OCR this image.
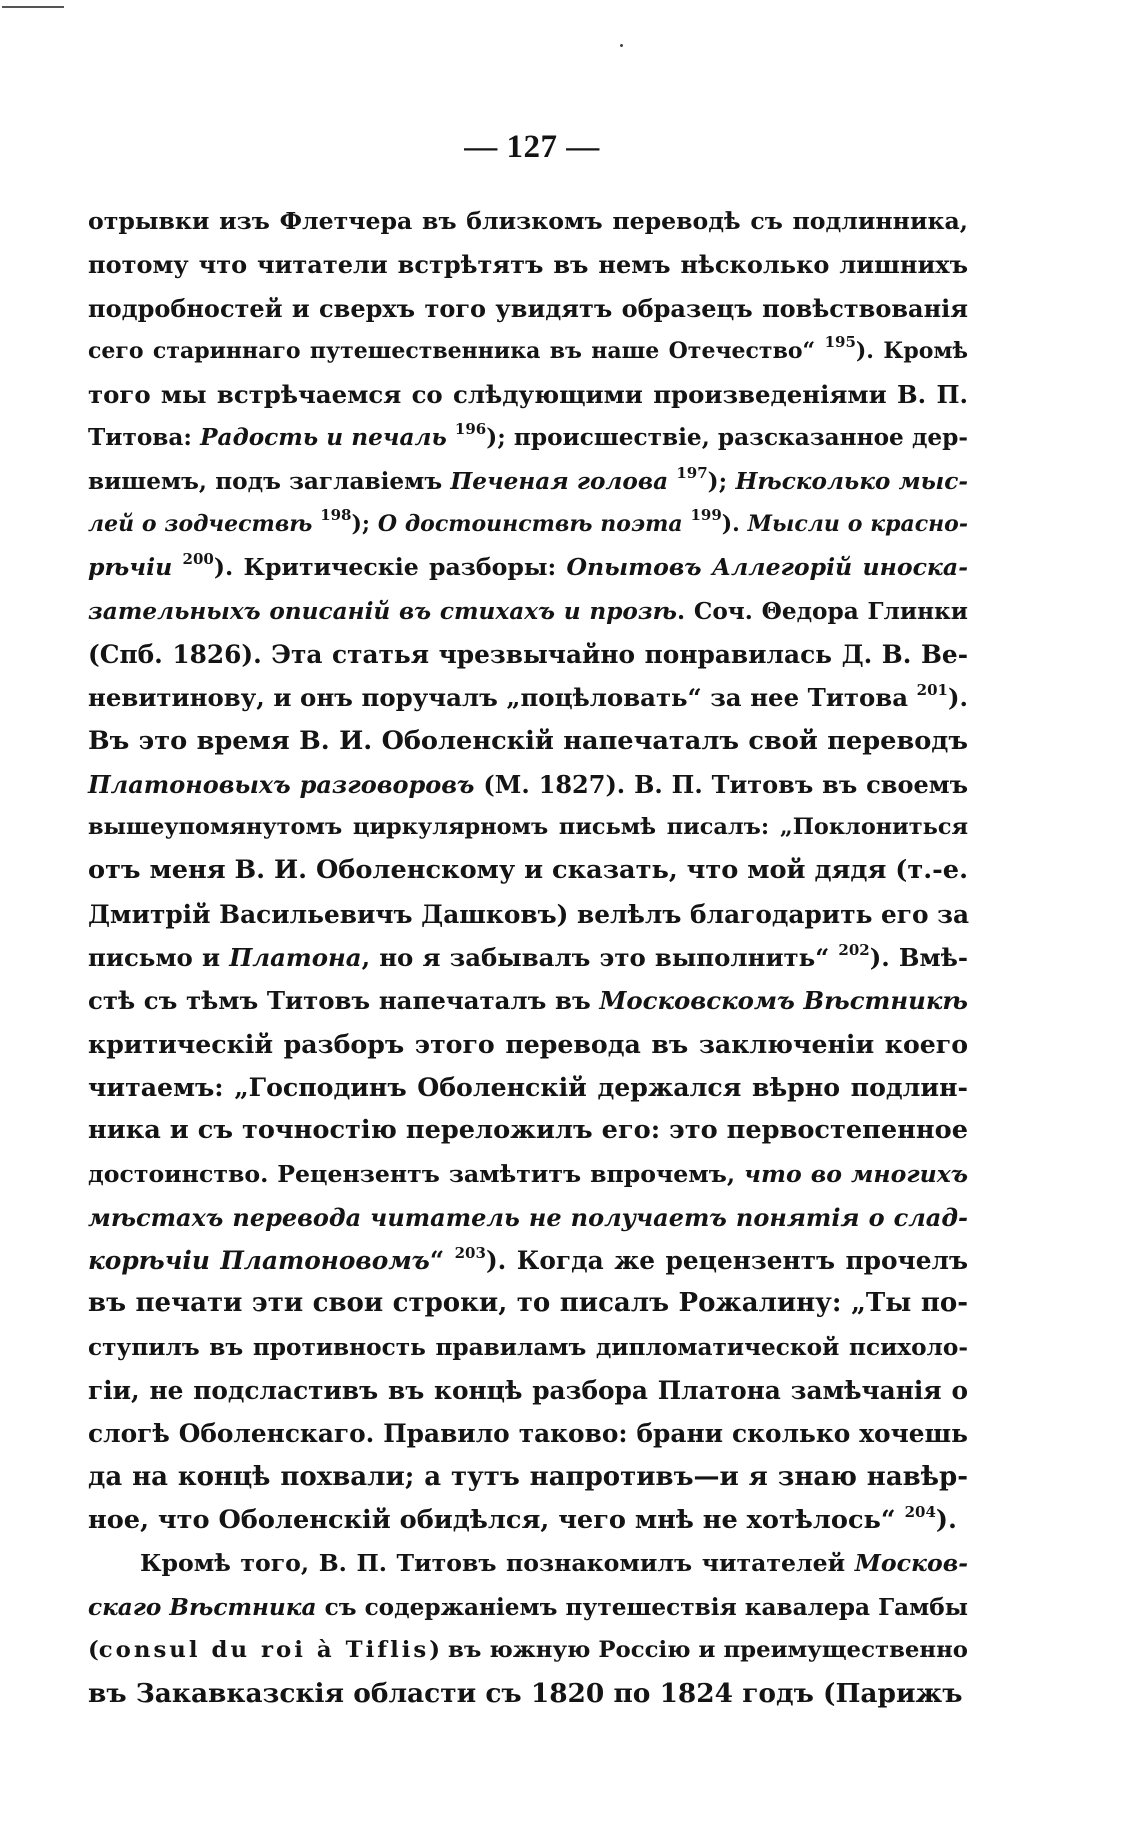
— 127 —
отрывки изъ Флетчера въ близкомъ переводѣ съ подлинника,
потому что читатели встрѣтятъ въ немъ нѣсколько лишнихъ
подробностей и сверхъ того увидятъ образецъ повѣствованія
сего стариннаго путешественника въ наше Отечество“ $^{195}$). Кромѣ
того мы встрѣчаемся со слѣдующими произведеніями В. П.
Титова: Радость и печаль $^{196}$); происшествіе, разсказанное дер-
вишемъ, подъ заглавіемъ Печеная голова $^{197}$); Нѣсколько мыс-
лей о зодчествѣ $^{198}$); О достоинствѣ поэта $^{199}$). Мысли о красно-
рѣчіи $^{200}$). Критическіе разборы: Опытовъ Аллегорій иноска-
зательныхъ описаній въ стихахъ и прозѣ. Соч. Θедора Глинки
(Спб. 1826). Эта статья чрезвычайно понравилась Д. В. Ве-
невитинову, и онъ поручалъ „поцѣловать“ за нее Титова $^{201}$).
Въ это время В. И. Оболенскій напечаталъ свой переводъ
Платоновыхъ разговоровъ (М. 1827). В. П. Титовъ въ своемъ
вышеупомянутомъ циркулярномъ письмѣ писалъ: „Поклониться
отъ меня В. И. Оболенскому и сказать, что мой дядя (т.-е.
Дмитрій Васильевичъ Дашковъ) велѣлъ благодарить его за
письмо и Платона, но я забывалъ это выполнить“ $^{202}$). Вмѣ-
стѣ съ тѣмъ Титовъ напечаталъ въ Московскомъ Вѣстникѣ
критическій разборъ этого перевода въ заключеніи коего
читаемъ: „Господинъ Оболенскій держался вѣрно подлин-
ника и съ точностію переложилъ его: это первостепенное
достоинство. Рецензентъ замѣтитъ впрочемъ, что во многихъ
мѣстахъ перевода читатель не получаетъ понятія о слад-
корѣчіи Платоновомъ“ $^{203}$). Когда же рецензентъ прочелъ
въ печати эти свои строки, то писалъ Рожалину: „Ты по-
ступилъ въ противность правиламъ дипломатической психоло-
гіи, не подсластивъ въ концѣ разбора Платона замѣчанія о
слогѣ Оболенскаго. Правило таково: брани сколько хочешь
да на концѣ похвали; а тутъ напротивъ—и я знаю навѣр-
ное, что Оболенскій обидѣлся, чего мнѣ не хотѣлось“ $^{204}$).
Кромѣ того, В. П. Титовъ познакомилъ читателей Москов-
скаго Вѣстника съ содержаніемъ путешествія кавалера Гамбы
(consul du roi à Tiflis) въ южную Россію и преимущественно
въ Закавказскія области съ 1820 по 1824 годъ (Парижъ
